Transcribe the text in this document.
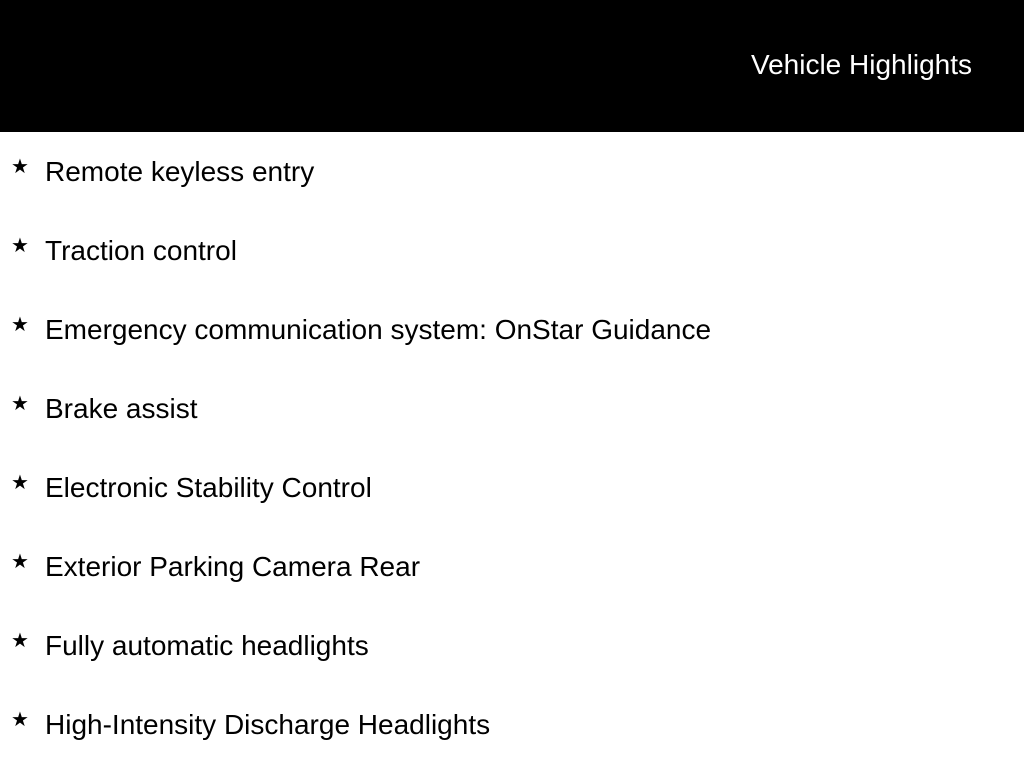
Vehicle Highlights
★ Remote keyless entry
★ Traction control
★ Emergency communication system: OnStar Guidance
★ Brake assist
★ Electronic Stability Control
★ Exterior Parking Camera Rear
★ Fully automatic headlights
★ High-Intensity Discharge Headlights
